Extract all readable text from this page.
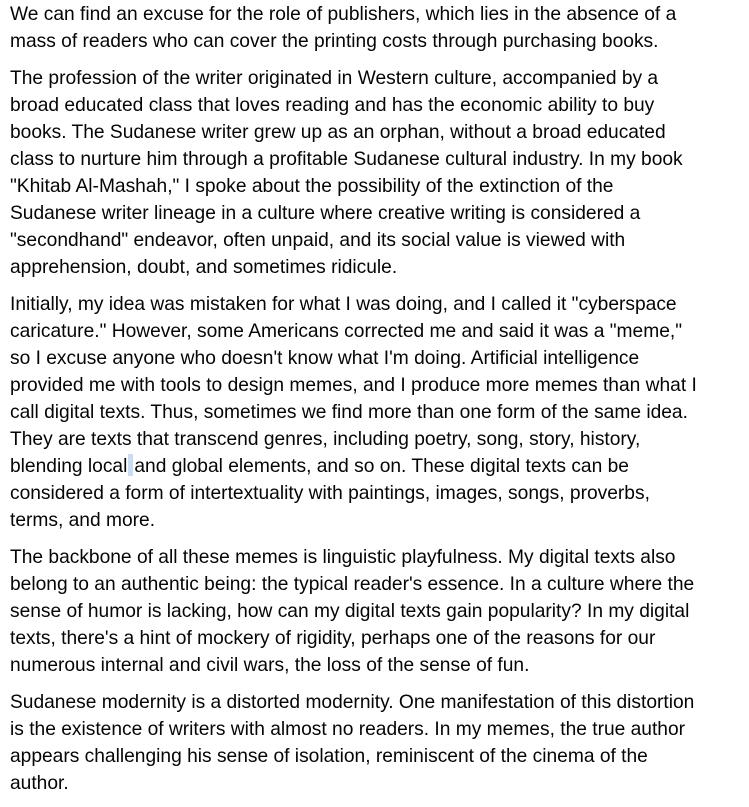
We can find an excuse for the role of publishers, which lies in the absence of a
mass of readers who can cover the printing costs through purchasing books.

The profession of the writer originated in Western culture, accompanied by a
broad educated class that loves reading and has the economic ability to buy
books. The Sudanese writer grew up as an orphan, without a broad educated
class to nurture him through a profitable Sudanese cultural industry. In my book
"Khitab Al-Mashah," I spoke about the possibility of the extinction of the
Sudanese writer lineage in a culture where creative writing is considered a
"secondhand" endeavor, often unpaid, and its social value is viewed with
apprehension, doubt, and sometimes ridicule.

Initially, my idea was mistaken for what I was doing, and I called it "cyberspace
caricature." However, some Americans corrected me and said it was a "meme,"
so I excuse anyone who doesn't know what I'm doing. Artificial intelligence
provided me with tools to design memes, and I produce more memes than what I
call digital texts. Thus, sometimes we find more than one form of the same idea.
They are texts that transcend genres, including poetry, song, story, history,
blending local and global elements, and so on. These digital texts can be
considered a form of intertextuality with paintings, images, songs, proverbs,
terms, and more.

The backbone of all these memes is linguistic playfulness. My digital texts also
belong to an authentic being: the typical reader's essence. In a culture where the
sense of humor is lacking, how can my digital texts gain popularity? In my digital
texts, there's a hint of mockery of rigidity, perhaps one of the reasons for our
numerous internal and civil wars, the loss of the sense of fun.

Sudanese modernity is a distorted modernity. One manifestation of this distortion
is the existence of writers with almost no readers. In my memes, the true author
appears challenging his sense of isolation, reminiscent of the cinema of the
author.
